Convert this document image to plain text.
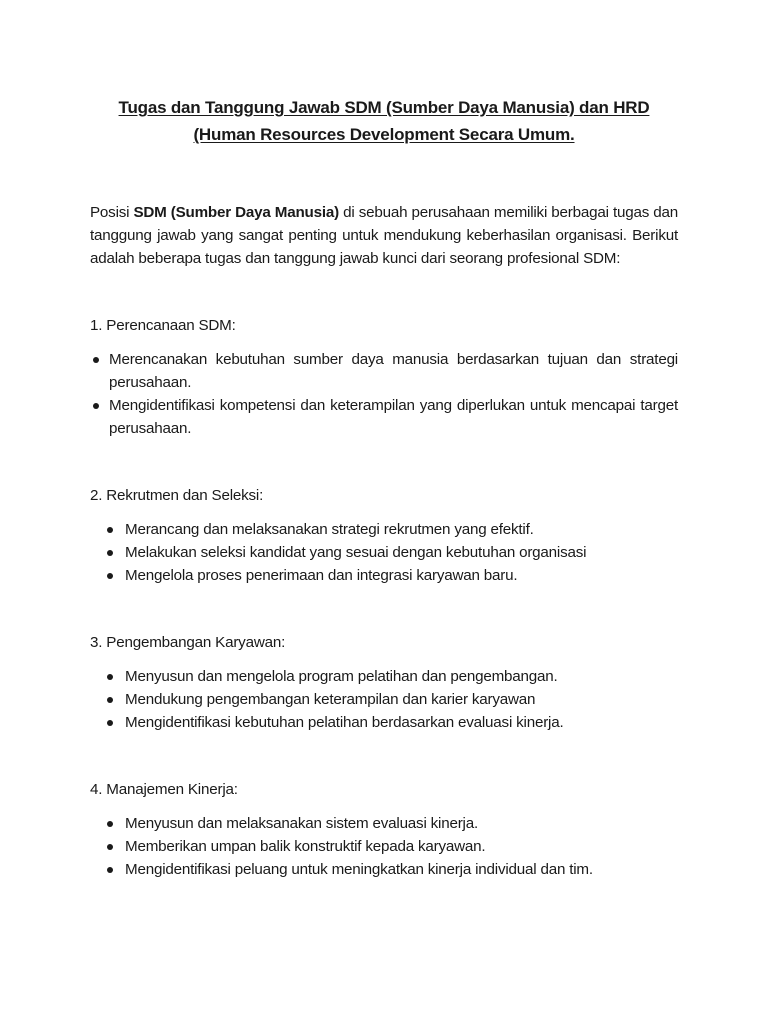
Tugas dan Tanggung Jawab SDM (Sumber Daya Manusia) dan HRD
(Human Resources Development Secara Umum.

Posisi SDM (Sumber Daya Manusia) di sebuah perusahaan memiliki berbagai tugas dan tanggung jawab yang sangat penting untuk mendukung keberhasilan organisasi. Berikut adalah beberapa tugas dan tanggung jawab kunci dari seorang profesional SDM:

1. Perencanaan SDM:

Merencanakan kebutuhan sumber daya manusia berdasarkan tujuan dan strategi perusahaan.
Mengidentifikasi kompetensi dan keterampilan yang diperlukan untuk mencapai target perusahaan.

2. Rekrutmen dan Seleksi:

Merancang dan melaksanakan strategi rekrutmen yang efektif.
Melakukan seleksi kandidat yang sesuai dengan kebutuhan organisasi
Mengelola proses penerimaan dan integrasi karyawan baru.

3. Pengembangan Karyawan:

Menyusun dan mengelola program pelatihan dan pengembangan.
Mendukung pengembangan keterampilan dan karier karyawan
Mengidentifikasi kebutuhan pelatihan berdasarkan evaluasi kinerja.

4. Manajemen Kinerja:

Menyusun dan melaksanakan sistem evaluasi kinerja.
Memberikan umpan balik konstruktif kepada karyawan.
Mengidentifikasi peluang untuk meningkatkan kinerja individual dan tim.
